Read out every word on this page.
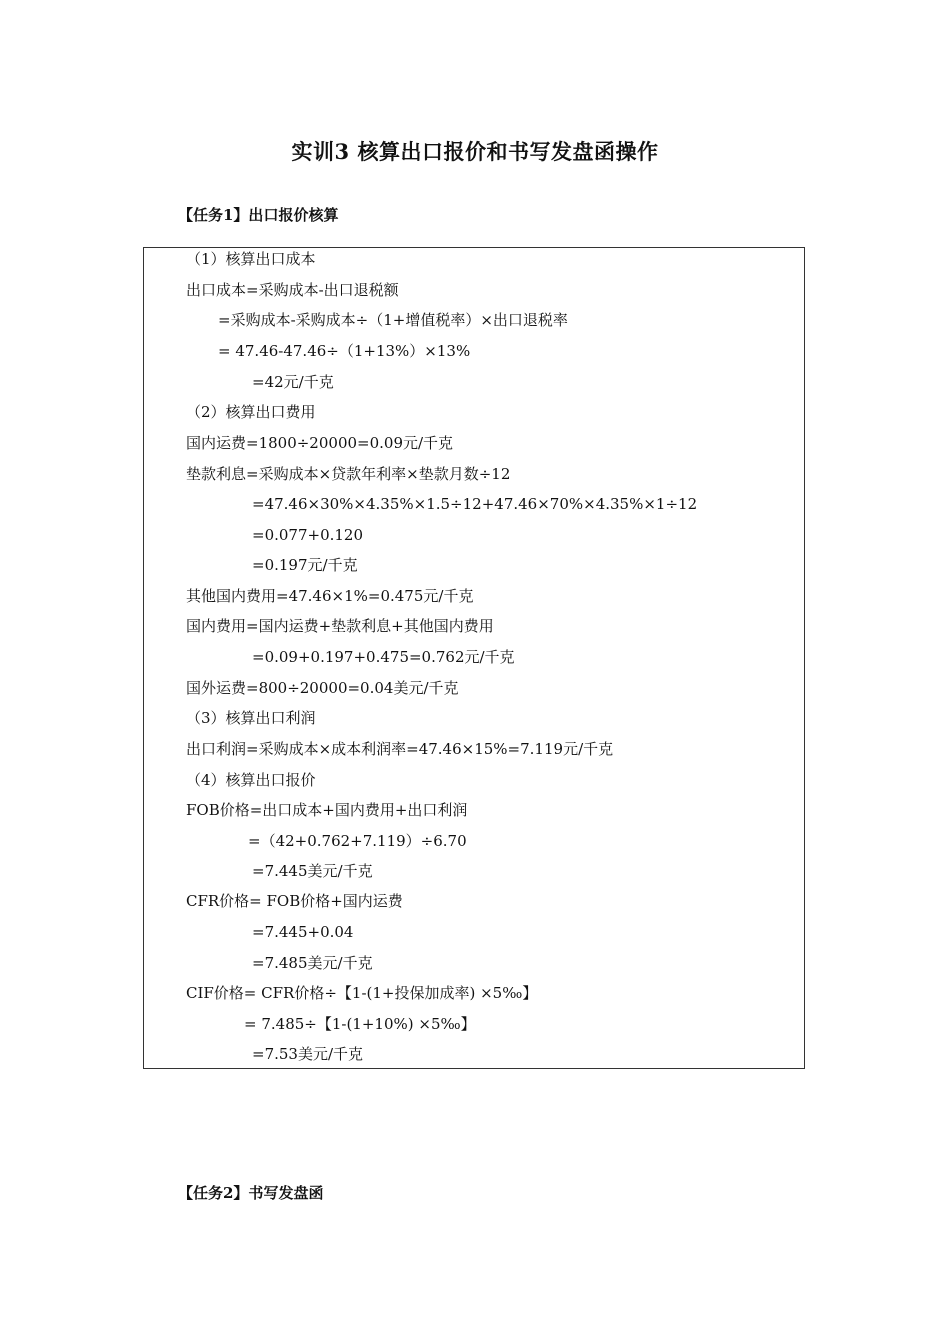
实训3 核算出口报价和书写发盘函操作
【任务1】出口报价核算
（1）核算出口成本
出口成本=采购成本-出口退税额
=采购成本-采购成本÷（1+增值税率）×出口退税率
= 47.46-47.46÷（1+13%）×13%
=42元/千克
（2）核算出口费用
国内运费=1800÷20000=0.09元/千克
垫款利息=采购成本×贷款年利率×垫款月数÷12
=47.46×30%×4.35%×1.5÷12+47.46×70%×4.35%×1÷12
=0.077+0.120
=0.197元/千克
其他国内费用=47.46×1%=0.475元/千克
国内费用=国内运费+垫款利息+其他国内费用
=0.09+0.197+0.475=0.762元/千克
国外运费=800÷20000=0.04美元/千克
（3）核算出口利润
出口利润=采购成本×成本利润率=47.46×15%=7.119元/千克
（4）核算出口报价
FOB价格=出口成本+国内费用+出口利润
=（42+0.762+7.119）÷6.70
=7.445美元/千克
CFR价格= FOB价格+国内运费
=7.445+0.04
=7.485美元/千克
CIF价格= CFR价格÷【1-(1+投保加成率) ×5‰】
= 7.485÷【1-(1+10%) ×5‰】
=7.53美元/千克
【任务2】书写发盘函
